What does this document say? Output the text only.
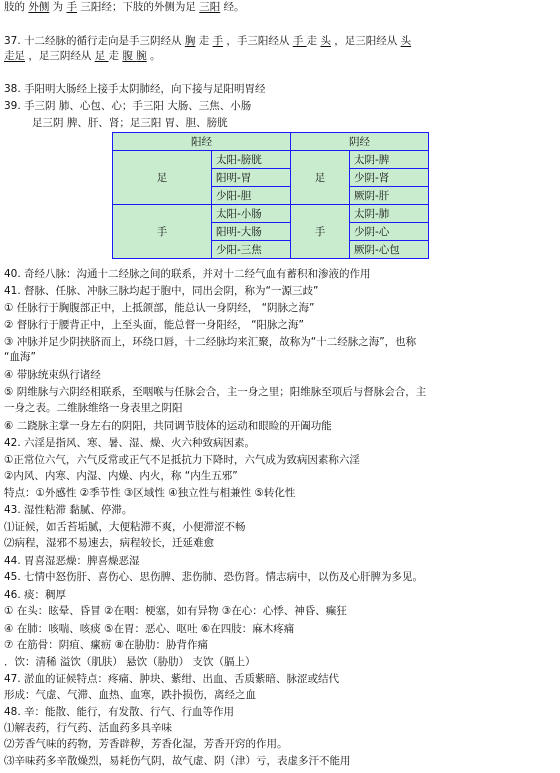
肢的 外侧 为 手 三阳经；下肢的外侧为足 三阳 经。
37. 十二经脉的循行走向是手三阴经从 胸 走 手 ，手三阳经从 手 走 头 ，足三阳经从 头
走足 ，足三阴经从 足 走 腹 腕 。
38. 手阳明大肠经上接手太阴肺经，向下接与足阳明胃经
39. 手三阴 肺、心包、心；手三阳 大肠、三焦、小肠
足三阴 脾、肝、肾；足三阳 胃、胆、膀胱
阳经		阴经	
足	太阳-膀胱	足	太阴-脾
	阳明-胃		少阴-肾
	少阳-胆		厥阴-肝
手	太阳-小肠	手	太阴-肺
	阳明-大肠		少阴-心
	少阳-三焦		厥阴-心包
40. 奇经八脉：沟通十二经脉之间的联系，并对十二经气血有蓄积和渗液的作用
41. 督脉、任脉、冲脉三脉均起于胞中，同出会阴，称为“一源三歧”
① 任脉行于胸腹部正中，上抵颌部，能总认一身阴经， “阴脉之海”
② 督脉行于腰背正中，上至头面，能总督一身阳经， “阳脉之海”
③ 冲脉并足少阴挟脐而上，环绕口唇，十二经脉均来汇聚，故称为“十二经脉之海”，也称
“血海”
④ 带脉统束纵行诸经
⑤ 阴维脉与六阴经相联系，至咽喉与任脉会合，主一身之里；阳维脉至项后与督脉会合，主
一身之表。二维脉维络一身表里之阴阳
⑥ 二跷脉主掌一身左右的阴阳，共同调节肢体的运动和眼睑的开阖功能
42. 六淫是指风、寒、暑、湿、燥、火六种致病因素。
①正常位六气，六气反常或正气不足抵抗力下降时，六气成为致病因素称六淫
②内风、内寒、内湿、内燥、内火，称 “内生五邪”
特点：①外感性 ②季节性 ③区域性 ④独立性与相兼性 ⑤转化性
43. 湿性粘滞 黏腻、停滞。
⑴证候，如舌苔垢腻，大便粘滞不爽，小便滞涩不畅
⑵病程，湿邪不易速去，病程较长，迁延难愈
44. 胃喜湿恶燥：脾喜燥恶湿
45. 七情中怒伤肝、喜伤心、思伤脾、悲伤肺、恐伤肾。情志病中，以伤及心肝脾为多见。
46. 痰：稠厚
① 在头：眩晕、昏冒 ②在咽：梗塞，如有异物 ③在心：心悸、神昏、癫狂
④ 在肺：咳喘、咳痰 ⑤在胃：恶心、呕吐 ⑥在四肢：麻木疼痛
⑦ 在筋骨：阴疽、瘰疬 ⑧在胁肋：胁背作痛
．饮：清稀 溢饮（肌肤） 悬饮（胁肋） 支饮（膈上）
47. 淤血的证候特点：疼痛、肿块、紫绀、出血、舌质紫暗、脉涩或结代
形成：气虚、气滞、血热、血寒，跌扑损伤，离经之血
48. 辛：能散、能行，有发散、行气、行血等作用
⑴解表药，行气药、活血药多具辛味
⑵芳香气味的药物，芳香辟秽，芳香化湿，芳香开窍的作用。
⑶辛味药多辛散燥烈，易耗伤气阴，故气虚、阴（津）亏，表虚多汗不能用
